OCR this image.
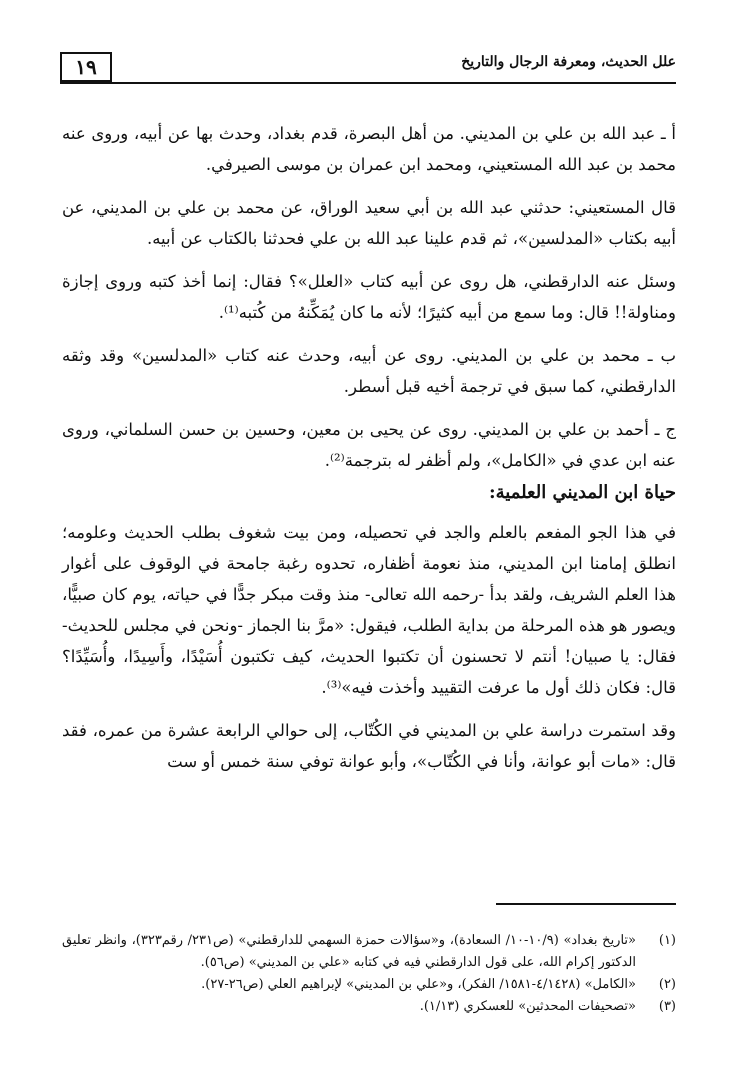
١٩	علل الحديث، ومعرفة الرجال والتاريخ

أ ـ عبد الله بن علي بن المديني. من أهل البصرة، قدم بغداد، وحدث بها عن أبيه، وروى عنه محمد بن عبد الله المستعيني، ومحمد ابن عمران بن موسى الصيرفي.

قال المستعيني: حدثني عبد الله بن أبي سعيد الوراق، عن محمد بن علي بن المديني، عن أبيه بكتاب «المدلسين»، ثم قدم علينا عبد الله بن علي فحدثنا بالكتاب عن أبيه.

وسئل عنه الدارقطني، هل روى عن أبيه كتاب «العلل»؟ فقال: إنما أخذ كتبه وروى إجازة ومناولة!! قال: وما سمع من أبيه كثيرًا؛ لأنه ما كان يُمَكِّنهُ من كُتبه⁽¹⁾.

ب ـ محمد بن علي بن المديني. روى عن أبيه، وحدث عنه كتاب «المدلسين» وقد وثقه الدارقطني، كما سبق في ترجمة أخيه قبل أسطر.

ج ـ أحمد بن علي بن المديني. روى عن يحيى بن معين، وحسين بن حسن السلماني، وروى عنه ابن عدي في «الكامل»، ولم أظفر له بترجمة⁽²⁾.

حياة ابن المديني العلمية:

في هذا الجو المفعم بالعلم والجد في تحصيله، ومن بيت شغوف بطلب الحديث وعلومه؛ انطلق إمامنا ابن المديني، منذ نعومة أظفاره، تحدوه رغبة جامحة في الوقوف على أغوار هذا العلم الشريف، ولقد بدأ -رحمه الله تعالى- منذ وقت مبكر جدًّا في حياته، يوم كان صبيًّا، ويصور هو هذه المرحلة من بداية الطلب، فيقول: «مرَّ بنا الجماز -ونحن في مجلس للحديث- فقال: يا صبيان! أنتم لا تحسنون أن تكتبوا الحديث، كيف تكتبون أُسَيْدًا، وأَسِيدًا، وأُسَيِّدًا؟ قال: فكان ذلك أول ما عرفت التقييد وأخذت فيه»⁽³⁾.

وقد استمرت دراسة علي بن المديني في الكُتّاب، إلى حوالي الرابعة عشرة من عمره، فقد قال: «مات أبو عوانة، وأنا في الكُتّاب»، وأبو عوانة توفي سنة خمس أو ست

(١)
«تاريخ بغداد» (١٠/٩-١٠/ السعادة)، و«سؤالات حمزة السهمي للدارقطني» (ص٢٣١/ رقم٣٢٣)، وانظر تعليق الدكتور إكرام الله، على قول الدارقطني فيه في كتابه «علي بن المديني» (ص٥٦).
(٢)
«الكامل» (٤/١٤٢٨-١٥٨١/ الفكر)، و«علي بن المديني» لإبراهيم العلي (ص٢٦-٢٧).
(٣)
«تصحيفات المحدثين» للعسكري (١/١٣).
